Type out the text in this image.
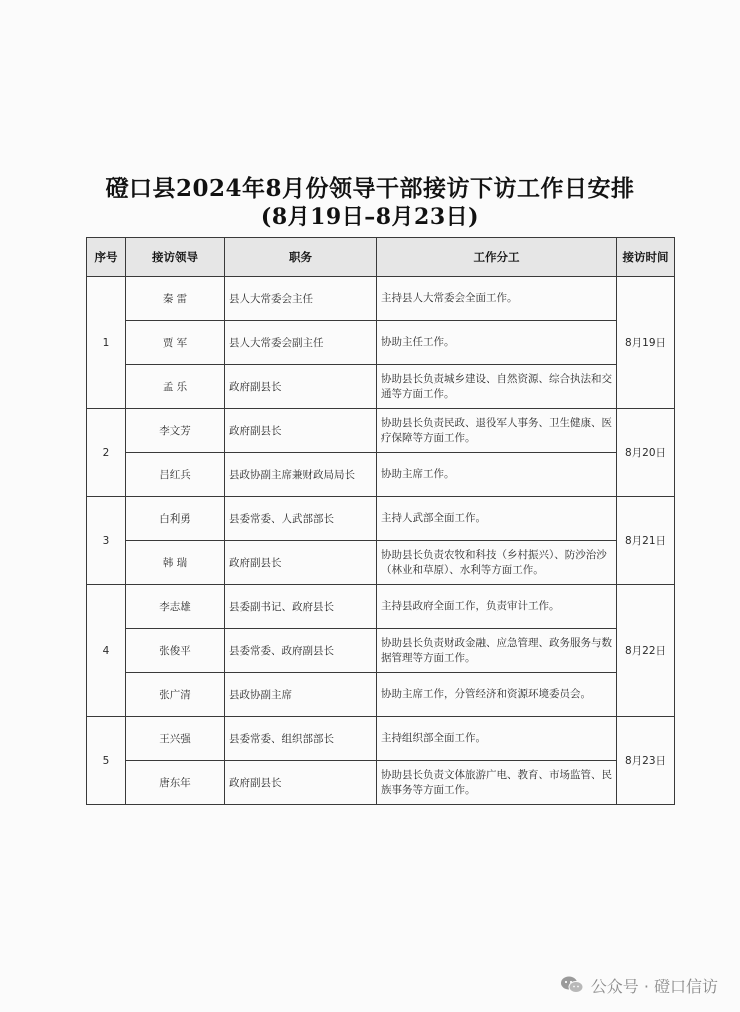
磴口县2024年8月份领导干部接访下访工作日安排
(8月19日–8月23日)
序号	接访领导	职务	工作分工	接访时间
1	秦 雷	县人大常委会主任	主持县人大常委会全面工作。	8月19日
	贾 军	县人大常委会副主任	协助主任工作。	
	孟 乐	政府副县长	协助县长负责城乡建设、自然资源、综合执法和交通等方面工作。	
2	李文芳	政府副县长	协助县长负责民政、退役军人事务、卫生健康、医疗保障等方面工作。	8月20日
	吕红兵	县政协副主席兼财政局局长	协助主席工作。	
3	白利勇	县委常委、人武部部长	主持人武部全面工作。	8月21日
	韩 瑞	政府副县长	协助县长负责农牧和科技（乡村振兴）、防沙治沙（林业和草原）、水利等方面工作。	
4	李志雄	县委副书记、政府县长	主持县政府全面工作，负责审计工作。	8月22日
	张俊平	县委常委、政府副县长	协助县长负责财政金融、应急管理、政务服务与数据管理等方面工作。	
	张广清	县政协副主席	协助主席工作，分管经济和资源环境委员会。	
5	王兴强	县委常委、组织部部长	主持组织部全面工作。	8月23日
	唐东年	政府副县长	协助县长负责文体旅游广电、教育、市场监管、民族事务等方面工作。	
公众号 · 磴口信访
